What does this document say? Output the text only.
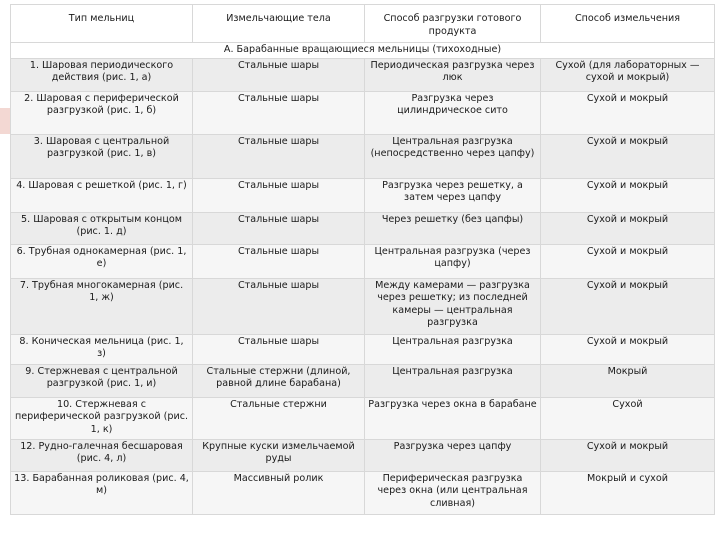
Тип мельниц	Измельчающие тела	Способ разгрузки готового продукта	Способ измельчения
А. Барабанные вращающиеся мельницы (тихоходные)			
1. Шаровая периодического действия (рис. 1, а)	Стальные шары	Периодическая разгрузка через люк	Сухой (для лабораторных — сухой и мокрый)
2. Шаровая с периферической разгрузкой (рис. 1, б)	Стальные шары	Разгрузка через цилиндрическое сито	Сухой и мокрый
3. Шаровая с центральной разгрузкой (рис. 1, в)	Стальные шары	Центральная разгрузка (непосредственно через цапфу)	Сухой и мокрый
4. Шаровая с решеткой (рис. 1, г)	Стальные шары	Разгрузка через решетку, а затем через цапфу	Сухой и мокрый
5. Шаровая с открытым концом (рис. 1. д)	Стальные шары	Через решетку (без цапфы)	Сухой и мокрый
6. Трубная однокамерная (рис. 1, е)	Стальные шары	Центральная разгрузка (через цапфу)	Сухой и мокрый
7. Трубная многокамерная (рис. 1, ж)	Стальные шары	Между камерами — разгрузка через решетку; из последней камеры — центральная разгрузка	Сухой и мокрый
8. Коническая мельница (рис. 1, з)	Стальные шары	Центральная разгрузка	Сухой и мокрый
9. Стержневая с центральной разгрузкой (рис. 1, и)	Стальные стержни (длиной, равной длине барабана)	Центральная разгрузка	Мокрый
10. Стержневая с периферической разгрузкой (рис. 1, к)	Стальные стержни	Разгрузка через окна в барабане	Сухой
12. Рудно-галечная бесшаровая (рис. 4, л)	Крупные куски измельчаемой руды	Разгрузка через цапфу	Сухой и мокрый
13. Барабанная роликовая (рис. 4, м)	Массивный ролик	Периферическая разгрузка через окна (или центральная сливная)	Мокрый и сухой
